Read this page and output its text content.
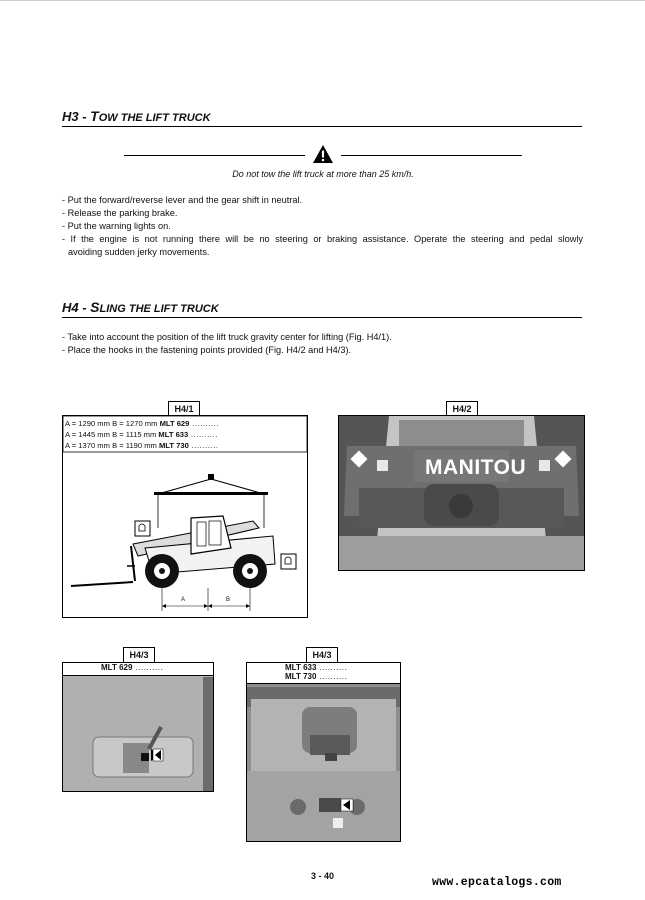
H3 - TOW THE LIFT TRUCK
Do not tow the lift truck at more than 25 km/h.
- Put the forward/reverse lever and the gear shift in neutral.
- Release the parking brake.
- Put the warning lights on.
- If the engine is not running there will be no steering or braking assistance. Operate the steering and pedal slowly
avoiding sudden jerky movements.
H4 - SLING THE LIFT TRUCK
- Take into account the position of the lift truck gravity center for lifting (Fig. H4/1).
- Place the hooks in the fastening points provided (Fig. H4/2 and H4/3).
H4/1
A = 1290 mm B = 1270 mm MLT 629 ..........
A = 1445 mm B = 1115 mm MLT 633 ..........
A = 1370 mm B = 1190 mm MLT 730 ..........
A	B
H4/2
MANITOU
H4/3
MLT 629 ..........
H4/3
MLT 633 ..........
MLT 730 ..........
3 - 40	www.epcatalogs.com
